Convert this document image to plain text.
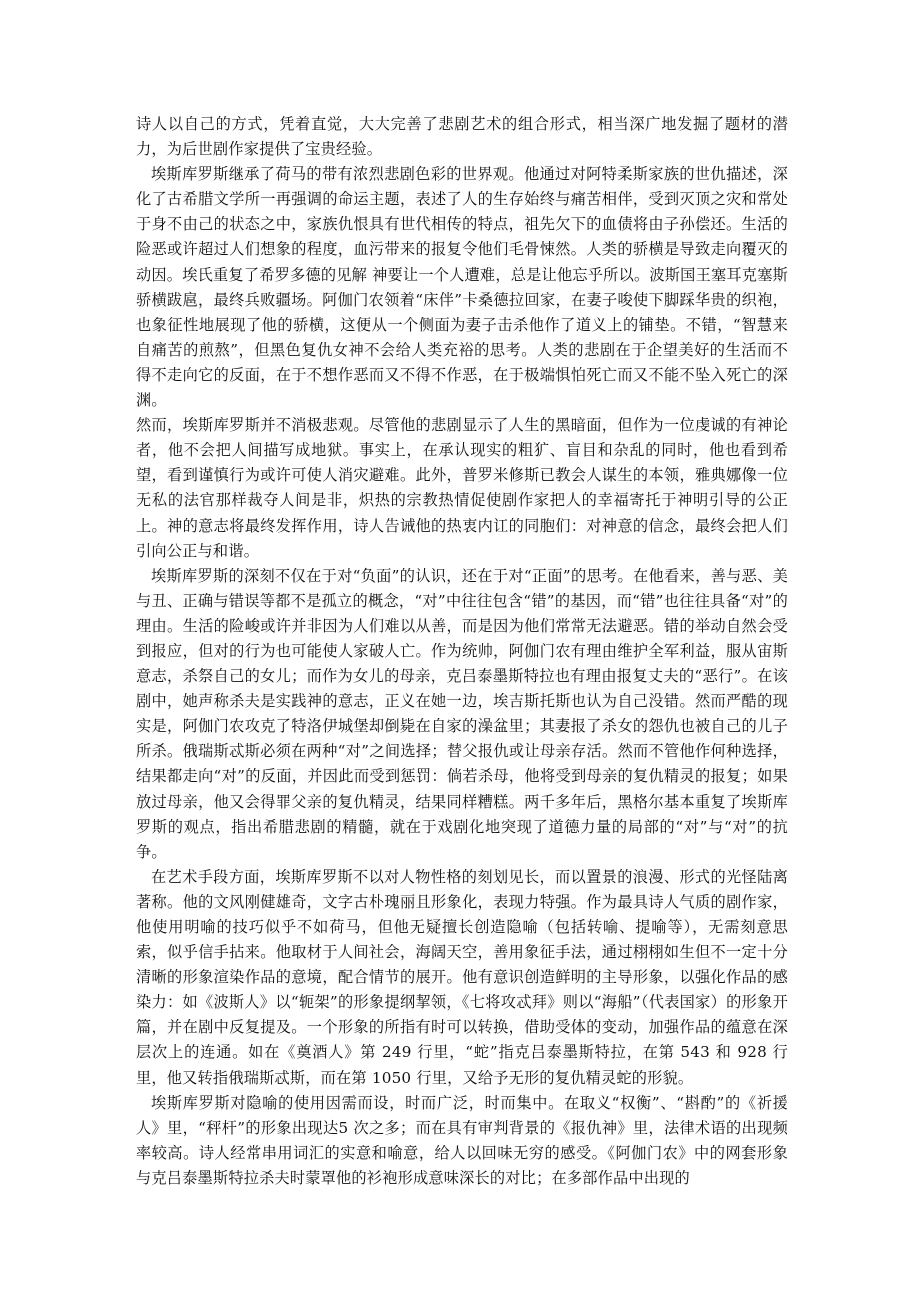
诗人以自己的方式，凭着直觉，大大完善了悲剧艺术的组合形式，相当深广地发掘了题材的潜力，为后世剧作家提供了宝贵经验。

埃斯库罗斯继承了荷马的带有浓烈悲剧色彩的世界观。他通过对阿特柔斯家族的世仇描述，深化了古希腊文学所一再强调的命运主题，表述了人的生存始终与痛苦相伴，受到灭顶之灾和常处于身不由己的状态之中，家族仇恨具有世代相传的特点，祖先欠下的血债将由子孙偿还。生活的险恶或许超过人们想象的程度，血污带来的报复令他们毛骨悚然。人类的骄横是导致走向覆灭的动因。埃氏重复了希罗多德的见解 神要让一个人遭难，总是让他忘乎所以。波斯国王塞耳克塞斯骄横跋扈，最终兵败疆场。阿伽门农领着“床伴”卡桑德拉回家，在妻子唆使下脚踩华贵的织袍，也象征性地展现了他的骄横，这便从一个侧面为妻子击杀他作了道义上的铺垫。不错，“智慧来自痛苦的煎熬”，但黑色复仇女神不会给人类充裕的思考。人类的悲剧在于企望美好的生活而不得不走向它的反面，在于不想作恶而又不得不作恶，在于极端惧怕死亡而又不能不坠入死亡的深渊。

然而，埃斯库罗斯并不消极悲观。尽管他的悲剧显示了人生的黑暗面，但作为一位虔诚的有神论者，他不会把人间描写成地狱。事实上，在承认现实的粗犷、盲目和杂乱的同时，他也看到希望，看到谨慎行为或许可使人消灾避难。此外，普罗米修斯已教会人谋生的本领，雅典娜像一位无私的法官那样裁夺人间是非，炽热的宗教热情促使剧作家把人的幸福寄托于神明引导的公正上。神的意志将最终发挥作用，诗人告诫他的热衷内讧的同胞们：对神意的信念，最终会把人们引向公正与和谐。

埃斯库罗斯的深刻不仅在于对“负面”的认识，还在于对“正面”的思考。在他看来，善与恶、美与丑、正确与错误等都不是孤立的概念，“对”中往往包含“错”的基因，而“错”也往往具备“对”的理由。生活的险峻或许并非因为人们难以从善，而是因为他们常常无法避恶。错的举动自然会受到报应，但对的行为也可能使人家破人亡。作为统帅，阿伽门农有理由维护全军利益，服从宙斯意志，杀祭自己的女儿；而作为女儿的母亲，克吕泰墨斯特拉也有理由报复丈夫的“恶行”。在该剧中，她声称杀夫是实践神的意志，正义在她一边，埃吉斯托斯也认为自己没错。然而严酷的现实是，阿伽门农攻克了特洛伊城堡却倒毙在自家的澡盆里；其妻报了杀女的怨仇也被自己的儿子所杀。俄瑞斯忒斯必须在两种“对”之间选择；替父报仇或让母亲存活。然而不管他作何种选择，结果都走向“对”的反面，并因此而受到惩罚：倘若杀母，他将受到母亲的复仇精灵的报复；如果放过母亲，他又会得罪父亲的复仇精灵，结果同样糟糕。两千多年后，黑格尔基本重复了埃斯库罗斯的观点，指出希腊悲剧的精髓，就在于戏剧化地突现了道德力量的局部的“对”与“对”的抗争。

在艺术手段方面，埃斯库罗斯不以对人物性格的刻划见长，而以置景的浪漫、形式的光怪陆离著称。他的文风刚健雄奇，文字古朴瑰丽且形象化，表现力特强。作为最具诗人气质的剧作家，他使用明喻的技巧似乎不如荷马，但他无疑擅长创造隐喻（包括转喻、提喻等），无需刻意思索，似乎信手拈来。他取材于人间社会，海阔天空，善用象征手法，通过栩栩如生但不一定十分清晰的形象渲染作品的意境，配合情节的展开。他有意识创造鲜明的主导形象，以强化作品的感染力：如《波斯人》以“轭架”的形象提纲挈领，《七将攻忒拜》则以“海船”（代表国家）的形象开篇，并在剧中反复提及。一个形象的所指有时可以转换，借助受体的变动，加强作品的蕴意在深层次上的连通。如在《奠酒人》第 249 行里，“蛇”指克吕泰墨斯特拉，在第 543 和 928 行里，他又转指俄瑞斯忒斯，而在第 1050 行里，又给予无形的复仇精灵蛇的形貌。

埃斯库罗斯对隐喻的使用因需而设，时而广泛，时而集中。在取义“权衡”、“斟酌”的《祈援人》里，“秤杆”的形象出现达5 次之多；而在具有审判背景的《报仇神》里，法律术语的出现频率较高。诗人经常串用词汇的实意和喻意，给人以回味无穷的感受。《阿伽门农》中的网套形象与克吕泰墨斯特拉杀夫时蒙罩他的衫袍形成意味深长的对比；在多部作品中出现的
